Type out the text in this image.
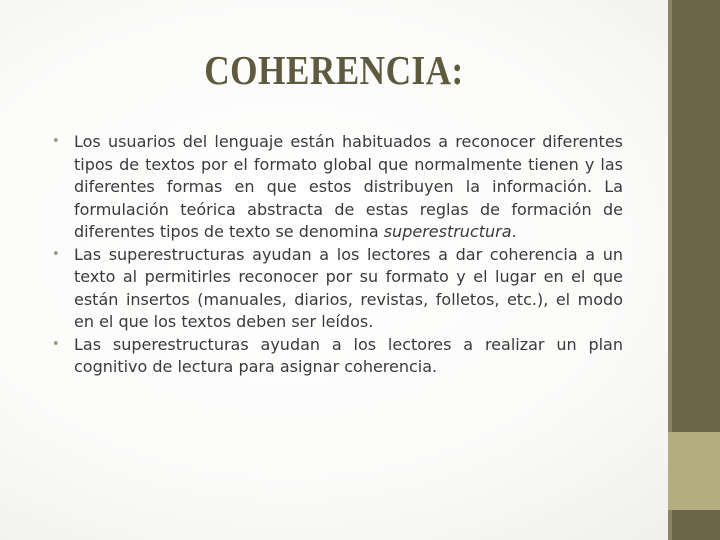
COHERENCIA:
• Los usuarios del lenguaje están habituados a reconocer diferentes tipos de textos por el formato global que normalmente tienen y las diferentes formas en que estos distribuyen la información. La formulación teórica abstracta de estas reglas de formación de diferentes tipos de texto se denomina superestructura.
• Las superestructuras ayudan a los lectores a dar coherencia a un texto al permitirles reconocer por su formato y el lugar en el que están insertos (manuales, diarios, revistas, folletos, etc.), el modo en el que los textos deben ser leídos.
• Las superestructuras ayudan a los lectores a realizar un plan cognitivo de lectura para asignar coherencia.
